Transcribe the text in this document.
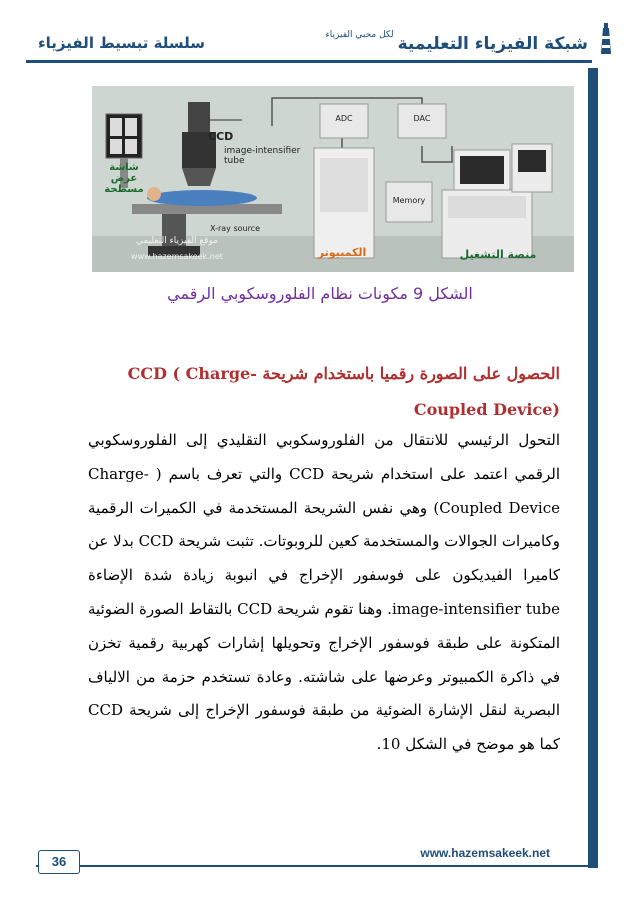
سلسلة تبسيط الفيزياء	شبكة الفيزياء التعليمية
لكل محبي الفيزياء
CCD
image-intensifier tube
X-ray source
ADC	DAC
Memory
شاشة عرض مسطحة
الكمبيوتر	منصة التشغيل
موقع الفيزياء التعليمي
www.hazemsakeek.net
الشكل 9 مكونات نظام الفلوروسكوبي الرقمي
الحصول على الصورة رقميا باستخدام شريحة CCD ( Charge-Coupled Device)
التحول الرئيسي للانتقال من الفلوروسكوبي التقليدي إلى الفلوروسكوبي الرقمي اعتمد على استخدام شريحة CCD والتي تعرف باسم ( Charge-Coupled Device) وهي نفس الشريحة المستخدمة في الكميرات الرقمية وكاميرات الجوالات والمستخدمة كعين للروبوتات. تثبت شريحة CCD بدلا عن كاميرا الفيديكون على فوسفور الإخراج في انبوبة زيادة شدة الإضاءة image-intensifier tube. وهنا تقوم شريحة CCD بالتقاط الصورة الضوئية المتكونة على طبقة فوسفور الإخراج وتحويلها إشارات كهربية رقمية تخزن في ذاكرة الكمبيوتر وعرضها على شاشته. وعادة تستخدم حزمة من الالياف البصرية لنقل الإشارة الضوئية من طبقة فوسفور الإخراج إلى شريحة CCD كما هو موضح في الشكل 10.
www.hazemsakeek.net
36
